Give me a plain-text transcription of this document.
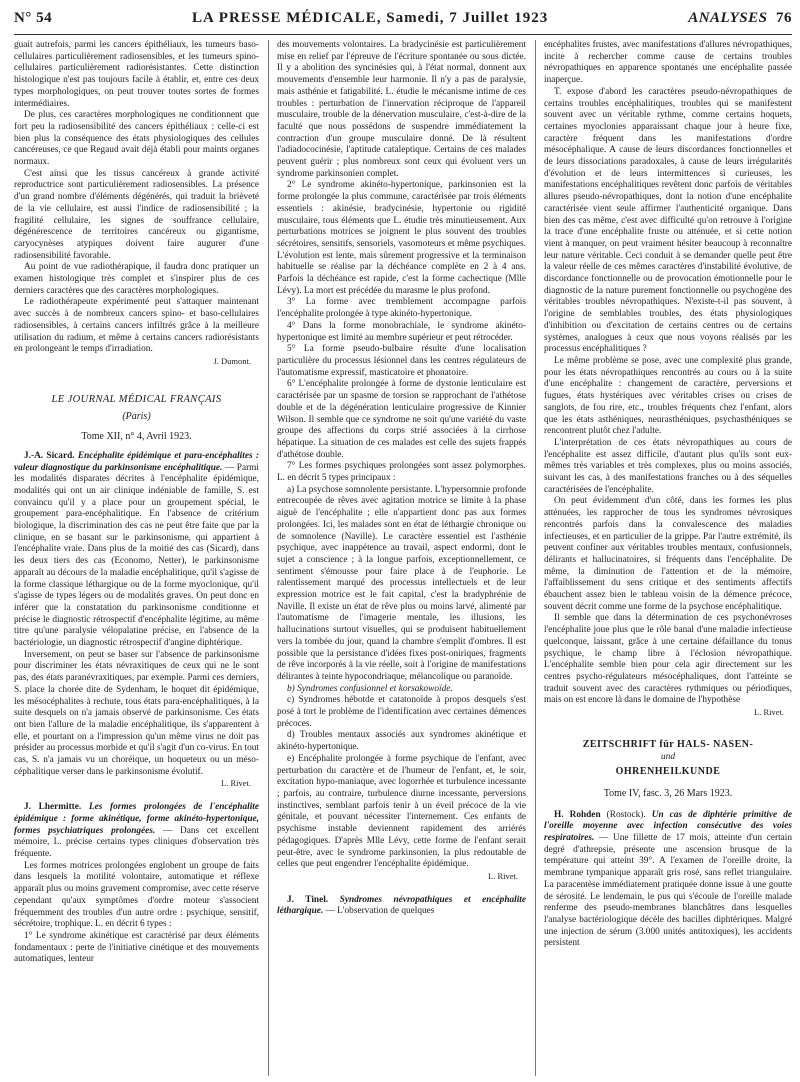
N° 54	LA PRESSE MÉDICALE, Samedi, 7 Juillet 1923	ANALYSES 76

guait autrefois, parmi les cancers épithéliaux, les tumeurs baso-cellulaires particulièrement radiosensibles, et les tumeurs spino-cellulaires particulièrement radiorésistantes. Cette distinction histologique n'est pas toujours facile à établir, et, entre ces deux types morphologiques, on peut trouver toutes sortes de formes intermédiaires.

De plus, ces caractères morphologiques ne conditionnent que fort peu la radiosensibilité des cancers épithéliaux : celle-ci est bien plus la conséquence des états physiologiques des cellules cancéreuses, ce que Regaud avait déjà établi pour maints organes normaux.

C'est ainsi que les tissus cancéreux à grande activité reproductrice sont particulièrement radiosensibles. La présence d'un grand nombre d'éléments dégénérés, qui traduit la brièveté de la vie cellulaire, est aussi l'indice de radiosensibilité ; la fragilité cellulaire, les signes de souffrance cellulaire, dégénérescence de territoires cancéreux ou gigantisme, caryocynèses atypiques doivent faire augurer d'une radiosensibilité favorable.

Au point de vue radiothérapique, il faudra donc pratiquer un examen histologique très complet et s'inspirer plus de ces derniers caractères que des caractères morphologiques.

Le radiothérapeute expérimenté peut s'attaquer maintenant avec succès à de nombreux cancers spino- et baso-cellulaires radiosensibles, à certains cancers infiltrés grâce à la meilleure utilisation du radium, et même à certains cancers radiorésistants en prolongeant le temps d'irradiation.

J. Dumont.

LE JOURNAL MÉDICAL FRANÇAIS
(Paris)
Tome XII, n° 4, Avril 1923.

J.-A. Sicard. Encéphalite épidémique et para-encéphalites : valeur diagnostique du parkinsonisme encéphalitique. — Parmi les modalités disparates décrites à l'encéphalite épidémique, modalités qui ont un air clinique indéniable de famille, S. est convaincu qu'il y a place pour un groupement spécial, le groupement para-encéphalitique. En l'absence de critérium biologique, la discrimination des cas ne peut être faite que par la clinique, en se basant sur le parkinsonisme, qui appartient à l'encéphalite vraie. Dans plus de la moitié des cas (Sicard), dans les deux tiers des cas (Economo, Netter), le parkinsonisme apparaît au décours de la maladie encéphalitique, qu'il s'agisse de la forme classique léthargique ou de la forme myoclonique, qu'il s'agisse de types légers ou de modalités graves. On peut donc en inférer que la constatation du parkinsonisme conditionne et précise le diagnostic rétrospectif d'encéphalite légitime, au même titre qu'une paralysie vélopalatine précise, en l'absence de la bactériologie, un diagnostic rétrospectif d'angine diphtérique.

Inversement, on peut se baser sur l'absence de parkinsonisme pour discriminer les états névraxitiques de ceux qui ne le sont pas, des états paranévraxitiques, par exemple. Parmi ces derniers, S. place la chorée dite de Sydenham, le hoquet dit épidémique, les mésocéphalites à rechute, tous états para-encéphalitiques, à la suite desquels on n'a jamais observé de parkinsonisme. Ces états ont bien l'allure de la maladie encéphalitique, ils s'apparentent à elle, et pourtant on a l'impression qu'un même virus ne doit pas présider au processus morbide et qu'il s'agit d'un co-virus. En tout cas, S. n'a jamais vu un choréique, un hoqueteux ou un méso-céphalitique verser dans le parkinsonisme évolutif.

L. Rivet.

J. Lhermitte. Les formes prolongées de l'encéphalite épidémique : forme akinétique, forme akinéto-hypertonique, formes psychiatriques prolongées. — Dans cet excellent mémoire, L. précise certains types cliniques d'observation très fréquente.

Les formes motrices prolongées englobent un groupe de faits dans lesquels la motilité volontaire, automatique et réflexe apparaît plus ou moins gravement compromise, avec cette réserve cependant qu'aux symptômes d'ordre moteur s'associent fréquemment des troubles d'un autre ordre : psychique, sensitif, sécrétoire, trophique. L. en décrit 6 types :

1° Le syndrome akinétique est caractérisé par deux éléments fondamentaux : perte de l'initiative cinétique et des mouvements automatiques, lenteur

des mouvements volontaires. La bradycinésie est particulièrement mise en relief par l'épreuve de l'écriture spontanée ou sous dictée. Il y a abolition des syncinésies qui, à l'état normal, donnent aux mouvements d'ensemble leur harmonie. Il n'y a pas de paralysie, mais asthénie et fatigabilité. L. étudie le mécanisme intime de ces troubles : perturbation de l'innervation réciproque de l'appareil musculaire, trouble de la dénervation musculaire, c'est-à-dire de la faculté que nous possédons de suspendre immédiatement la contraction d'un groupe musculaire donné. De là résultent l'adiadococinésie, l'aptitude cataleptique. Certains de ces malades peuvent guérir ; plus nombreux sont ceux qui évoluent vers un syndrome parkinsonien complet.

2° Le syndrome akinéto-hypertonique, parkinsonien est la forme prolongée la plus commune, caractérisée par trois éléments essentiels : akinésie, bradycinésie, hypertonie ou rigidité musculaire, tous éléments que L. étudie très minutieusement. Aux perturbations motrices se joignent le plus souvent des troubles sécrétoires, sensitifs, sensoriels, vasomoteurs et même psychiques. L'évolution est lente, mais sûrement progressive et la terminaison habituelle se réalise par la déchéance complète en 2 à 4 ans. Parfois la déchéance est rapide, c'est la forme cachectique (Mlle Lévy). La mort est précédée du marasme le plus profond.

3° La forme avec tremblement accompagne parfois l'encéphalite prolongée à type akinéto-hypertonique.

4° Dans la forme monobrachiale, le syndrome akinéto-hypertonique est limité au membre supérieur et peut rétrocéder.

5° La forme pseudo-bulbaire résulte d'une localisation particulière du processus lésionnel dans les centres régulateurs de l'automatisme expressif, masticatoire et phonatoire.

6° L'encéphalite prolongée à forme de dystonie lenticulaire est caractérisée par un spasme de torsion se rapprochant de l'athétose double et de la dégénération lenticulaire progressive de Kinnier Wilson. Il semble que ce syndrome ne soit qu'une variété du vaste groupe des affections du corps strié associées à la cirrhose hépatique. La situation de ces malades est celle des sujets frappés d'athétose double.

7° Les formes psychiques prolongées sont assez polymorphes. L. en décrit 5 types principaux :

a) La psychose somnolente persistante. L'hypersomnie profonde entrecoupée de rêves avec agitation motrice se limite à la phase aiguë de l'encéphalite ; elle n'appartient donc pas aux formes prolongées. Ici, les malades sont en état de léthargie chronique ou de somnolence (Naville). Le caractère essentiel est l'asthénie psychique, avec inappétence au travail, aspect endormi, dont le sujet a conscience ; à la longue parfois, exceptionnellement, ce sentiment s'émousse pour faire place à de l'euphorie. Le ralentissement marqué des processus intellectuels et de leur expression motrice est le fait capital, c'est la bradyphrénie de Naville. Il existe un état de rêve plus ou moins larvé, alimenté par l'automatisme de l'imagerie mentale, les illusions, les hallucinations surtout visuelles, qui se produisent habituellement vers la tombée du jour, quand la chambre s'emplit d'ombres. Il est possible que la persistance d'idées fixes post-oniriques, fragments de rêve incorporés à la vie réelle, soit à l'origine de manifestations délirantes à teinte hypocondriaque, mélancolique ou paranoïde.

b) Syndromes confusionnel et korsakowoïde.

c) Syndromes hébotde et catatonoïde à propos desquels s'est posé à tort le problème de l'identification avec certaines démences précoces.

d) Troubles mentaux associés aux syndromes akinétique et akinéto-hypertonique.

e) Encéphalite prolongée à forme psychique de l'enfant, avec perturbation du caractère et de l'humeur de l'enfant, et, le soir, excitation hypo-maniaque, avec logorrhée et turbulence incessante ; parfois, au contraire, turbulence diurne incessante, perversions instinctives, semblant parfois tenir à un éveil précoce de la vie génitale, et pouvant nécessiter l'internement. Ces enfants de psychisme instable deviennent rapidement des arriérés pédagogiques. D'après Mlle Lévy, cette forme de l'enfant serait peut-être, avec le syndrome parkinsonien, la plus redoutable de celles que peut engendrer l'encéphalite épidémique.

L. Rivet.

J. Tinel. Syndromes névropathiques et encéphalite léthargique. — L'observation de quelques

encéphalites frustes, avec manifestations d'allures névropathiques, incite à rechercher comme cause de certains troubles névropathiques en apparence spontanés une encéphalite passée inaperçue.

T. expose d'abord les caractères pseudo-névropathiques de certains troubles encéphalitiques, troubles qui se manifestent souvent avec un véritable rythme, comme certains hoquets, certaines myoclonies apparaissant chaque jour à heure fixe, caractère fréquent dans les manifestations d'ordre mésocéphalique. A cause de leurs discordances fonctionnelles et de leurs dissociations paradoxales, à cause de leurs irrégularités d'évolution et de leurs intermittences si curieuses, les manifestations encéphalitiques revêtent donc parfois de véritables allures pseudo-névropathiques, dont la notion d'une encéphalite caractérisée vient seule affirmer l'authenticité organique. Dans bien des cas même, c'est avec difficulté qu'on retrouve à l'origine la trace d'une encéphalite fruste ou atténuée, et si cette notion vient à manquer, on peut vraiment hésiter beaucoup à reconnaître leur nature véritable. Ceci conduit à se demander quelle peut être la valeur réelle de ces mêmes caractères d'instabilité évolutive, de discordance fonctionnelle ou de provocation émotionnelle pour le diagnostic de la nature purement fonctionnelle ou psychogène des véritables troubles névropathiques. N'existe-t-il pas souvent, à l'origine de semblables troubles, des états physiologiques d'inhibition ou d'excitation de certains centres ou de certains systèmes, analogues à ceux que nous voyons réalisés par les processus encéphalitiques ?

Le même problème se pose, avec une complexité plus grande, pour les états névropathiques rencontrés au cours ou à la suite d'une encéphalite : changement de caractère, perversions et fugues, états hystériques avec véritables crises ou crises de sanglots, de fou rire, etc., troubles fréquents chez l'enfant, alors que les états asthéniques, neurasthéniques, psychasthéniques se rencontrent plutôt chez l'adulte.

L'interprétation de ces états névropathiques au cours de l'encéphalite est assez difficile, d'autant plus qu'ils sont eux-mêmes très variables et très complexes, plus ou moins associés, suivant les cas, à des manifestations franches ou à des séquelles caractérisées de l'encéphalite.

On peut évidemment d'un côté, dans les formes les plus atténuées, les rapprocher de tous les syndromes névrosiques rencontrés parfois dans la convalescence des maladies infectieuses, et en particulier de la grippe. Par l'autre extrémité, ils peuvent confiner aux véritables troubles mentaux, confusionnels, délirants et hallucinatoires, si fréquents dans l'encéphalite. De même, la diminution de l'attention et de la mémoire, l'affaiblissement du sens critique et des sentiments affectifs ébauchent assez bien le tableau voisin de la démence précoce, souvent décrit comme une forme de la psychose encéphalitique.

Il semble que dans la détermination de ces psychonévroses l'encéphalite joue plus que le rôle banal d'une maladie infectieuse quelconque, laissant, grâce à une certaine défaillance du tonus psychique, le champ libre à l'éclosion névropathique. L'encéphalite semble bien pour cela agir directement sur les centres psycho-régulateurs mésocéphaliques, dont l'atteinte se traduit souvent avec des caractères rythmiques ou périodiques, mais on est encore là dans le domaine de l'hypothèse

L. Rivet.

ZEITSCHRIFT für HALS- NASEN-
und
OHRENHEILKUNDE
Tome IV, fasc. 3, 26 Mars 1923.

H. Rohden (Rostock). Un cas de diphtérie primitive de l'oreille moyenne avec infection consécutive des voies respiratoires. — Une fillette de 17 mois, atteinte d'un certain degré d'athrepsie, présente une ascension brusque de la température qui atteint 39°. A l'examen de l'oreille droite, la membrane tympanique apparaît gris rosé, sans reflet triangulaire. La paracentèse immédiatement pratiquée donne issue à une goutte de sérosité. Le lendemain, le pus qui s'écoule de l'oreille malade renferme des pseudo-membranes blanchâtres dans lesquelles l'analyse bactériologique décèle des bacilles diphtériques. Malgré une injection de sérum (3.000 unités antitoxiques), les accidents persistent
